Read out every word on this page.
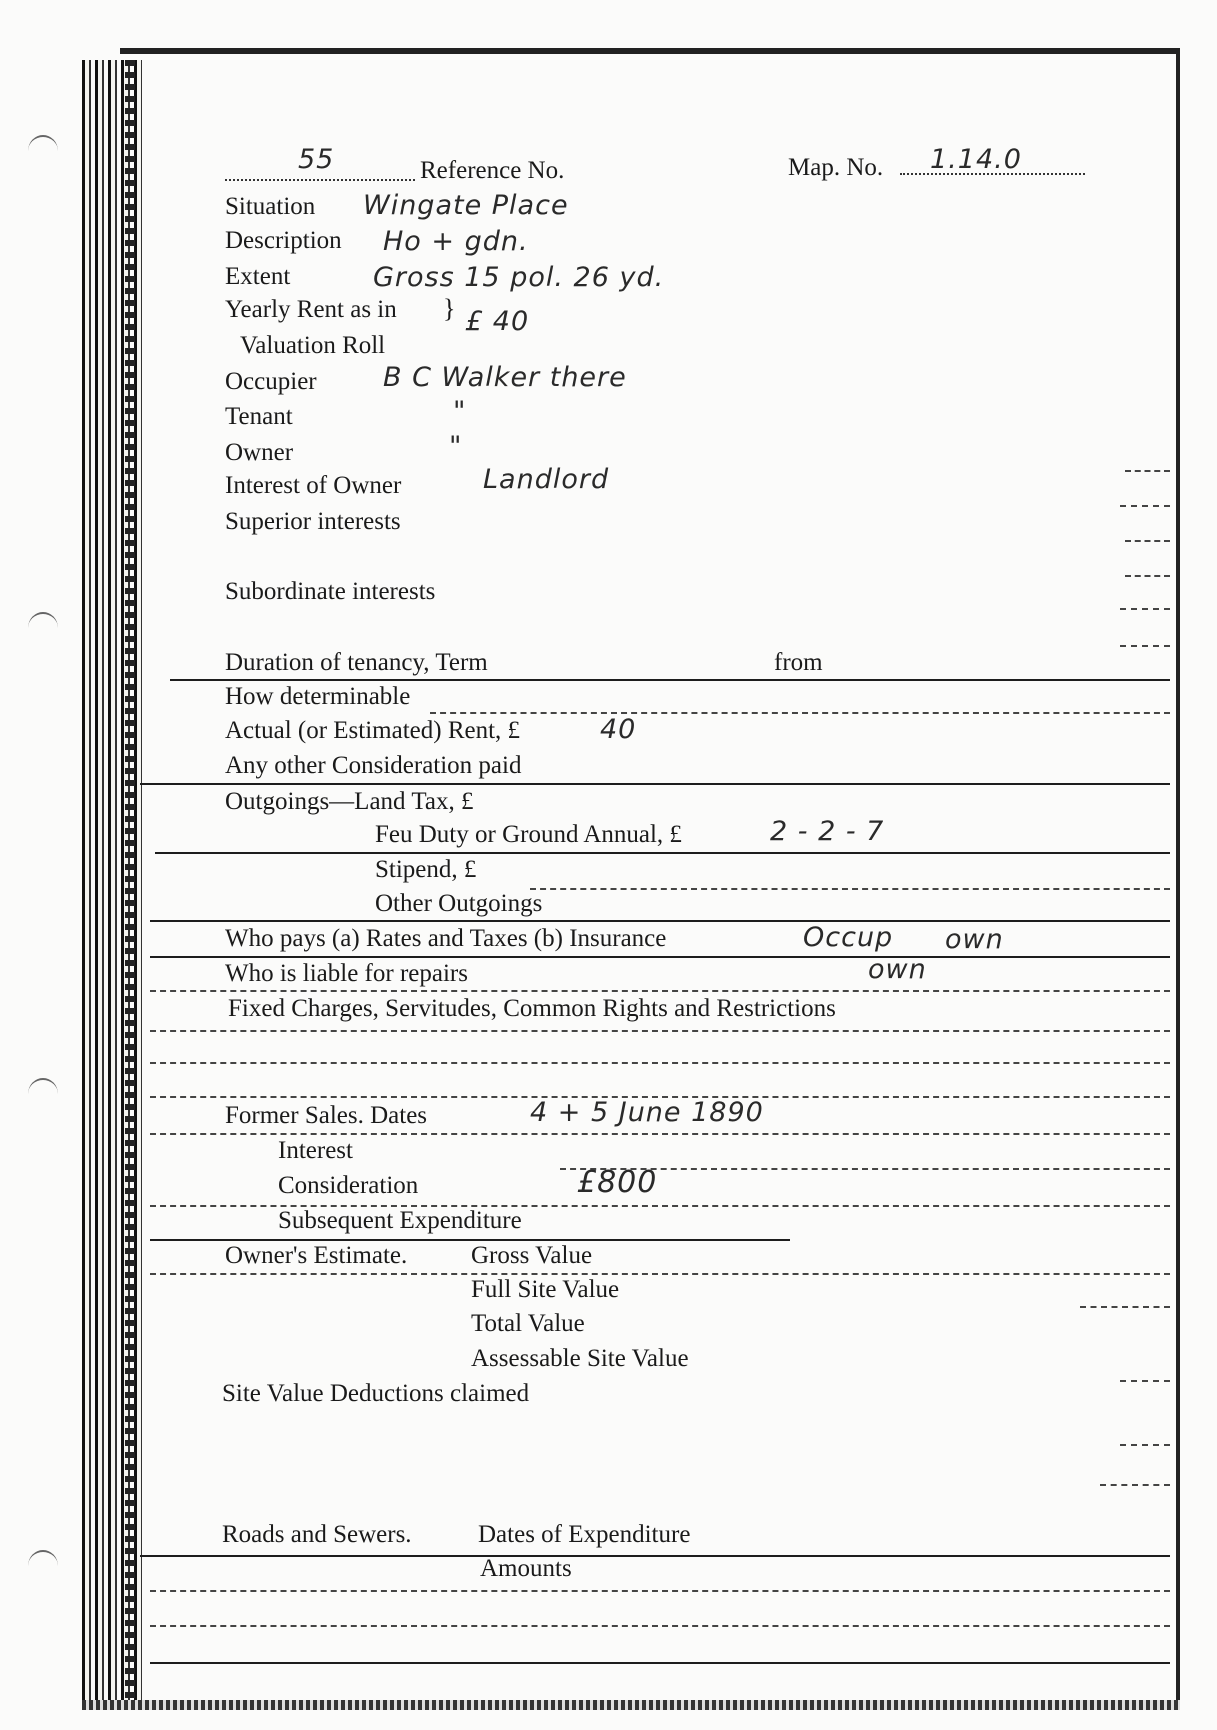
55	Reference No.	Map. No. 1.14.0
Situation Wingate Place
Description Ho + gdn.
Extent	Gross 15 pol. 26 yd.
Yearly Rent as in
Valuation Roll
} £ 40
Occupier B C Walker there
Tenant	"
Owner	"
Interest of Owner	Landlord
Superior interests
Subordinate interests
Duration of tenancy, Term	from
How determinable
Actual (or Estimated) Rent, £	40
Any other Consideration paid
Outgoings—Land Tax, £
Feu Duty or Ground Annual, £	2 - 2 - 7
Stipend, £
Other Outgoings
Who pays (a) Rates and Taxes (b) Insurance	Occup own
Who is liable for repairs	own
Fixed Charges, Servitudes, Common Rights and Restrictions
Former Sales. Dates	4 + 5 June 1890
Interest
Consideration	£800
Subsequent Expenditure
Owner's Estimate.	Gross Value
Full Site Value
Total Value
Assessable Site Value
Site Value Deductions claimed
Roads and Sewers.	Dates of Expenditure
Amounts
